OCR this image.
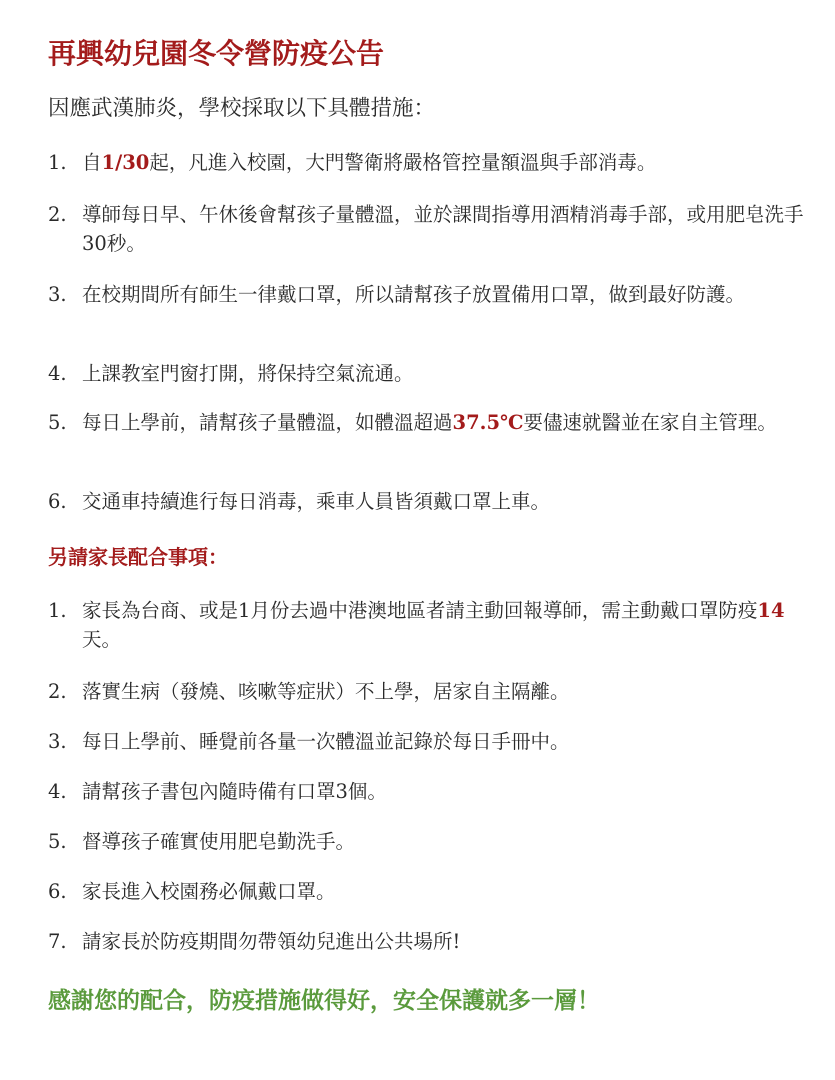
再興幼兒園冬令營防疫公告

因應武漢肺炎，學校採取以下具體措施：

1. 自1/30起，凡進入校園，大門警衛將嚴格管控量額溫與手部消毒。
2. 導師每日早、午休後會幫孩子量體溫，並於課間指導用酒精消毒手部，或用肥皂洗手30秒。
3. 在校期間所有師生一律戴口罩，所以請幫孩子放置備用口罩，做到最好防護。
4. 上課教室門窗打開，將保持空氣流通。
5. 每日上學前，請幫孩子量體溫，如體溫超過37.5℃要儘速就醫並在家自主管理。
6. 交通車持續進行每日消毒，乘車人員皆須戴口罩上車。
另請家長配合事項：
1. 家長為台商、或是1月份去過中港澳地區者請主動回報導師，需主動戴口罩防疫14天。
2. 落實生病（發燒、咳嗽等症狀）不上學，居家自主隔離。
3. 每日上學前、睡覺前各量一次體溫並記錄於每日手冊中。
4. 請幫孩子書包內隨時備有口罩3個。
5. 督導孩子確實使用肥皂勤洗手。
6. 家長進入校園務必佩戴口罩。
7. 請家長於防疫期間勿帶領幼兒進出公共場所!

感謝您的配合，防疫措施做得好，安全保護就多一層！
